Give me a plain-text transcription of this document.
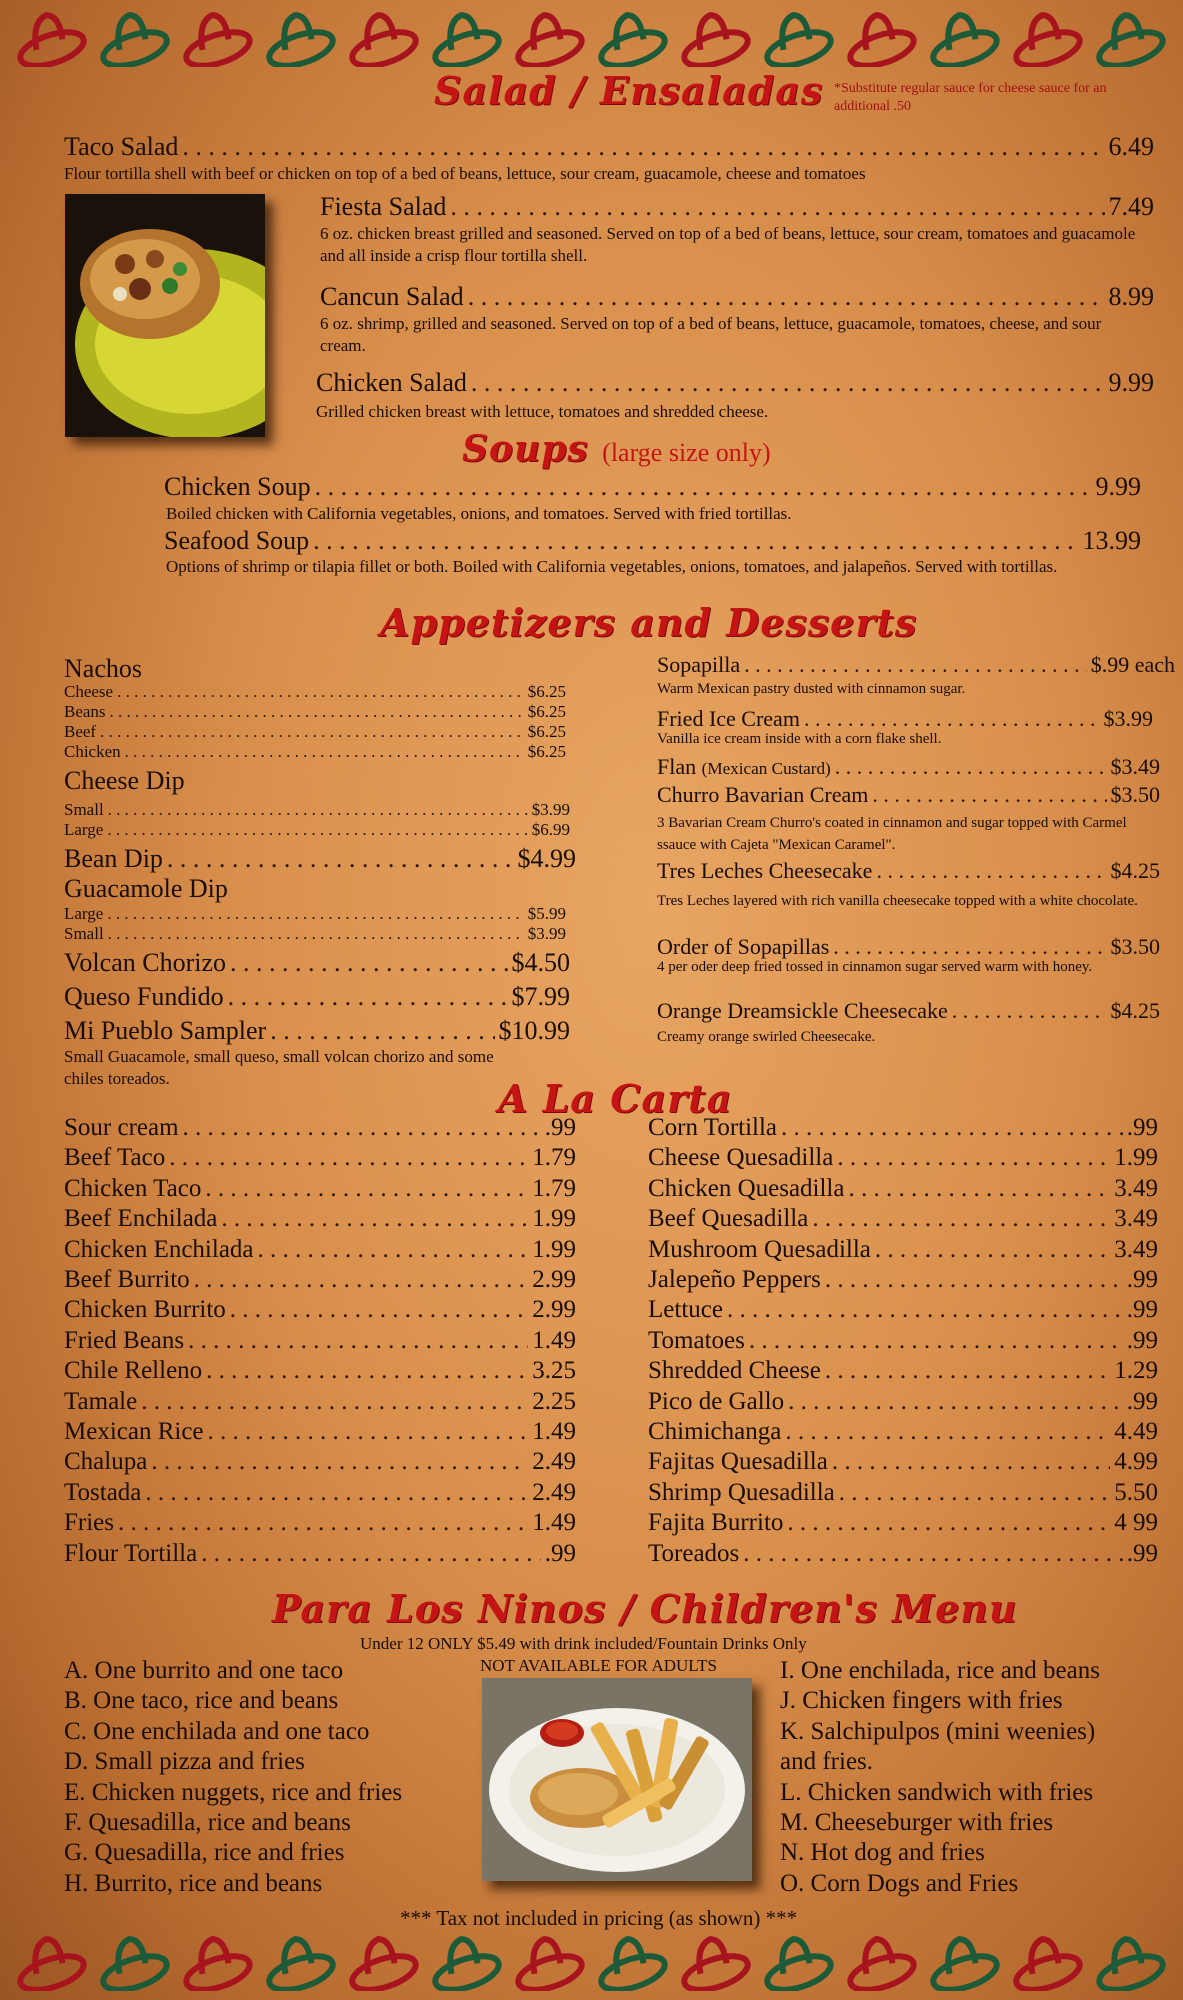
Salad / Ensaladas *Substitute regular sauce for cheese sauce for an additional .50
Taco Salad . . .	6.49
Flour tortilla shell with beef or chicken on top of a bed of beans, lettuce, sour cream, guacamole, cheese and tomatoes
Fiesta Salad . . .	7.49
6 oz. chicken breast grilled and seasoned. Served on top of a bed of beans, lettuce, sour cream, tomatoes and guacamole and all inside a crisp flour tortilla shell.
Cancun Salad . . .	8.99
6 oz. shrimp, grilled and seasoned. Served on top of a bed of beans, lettuce, guacamole, tomatoes, cheese, and sour cream.
Chicken Salad . . .	9.99
Grilled chicken breast with lettuce, tomatoes and shredded cheese.
Soups (large size only)
Chicken Soup . . .	9.99
Boiled chicken with California vegetables, onions, and tomatoes. Served with fried tortillas.
Seafood Soup . . .	13.99
Options of shrimp or tilapia fillet or both. Boiled with California vegetables, onions, tomatoes, and jalapeños. Served with tortillas.
Appetizers and Desserts
Nachos
Cheese . . .	$6.25
Beans . . .	$6.25
Beef . . .	$6.25
Chicken . . .	$6.25
Cheese Dip
Small . . .	$3.99
Large . . .	$6.99
Bean Dip . . .	$4.99
Guacamole Dip
Large . . .	$5.99
Small . . .	$3.99
Volcan Chorizo . . .	$4.50
Queso Fundido . . .	$7.99
Mi Pueblo Sampler . . .	$10.99
Small Guacamole, small queso, small volcan chorizo and some chiles toreados.
Sopapilla . . .	$.99 each
Warm Mexican pastry dusted with cinnamon sugar.
Fried Ice Cream . . .	$3.99
Vanilla ice cream inside with a corn flake shell.
Flan (Mexican Custard) . . .	$3.49
Churro Bavarian Cream . . .	$3.50
3 Bavarian Cream Churro's coated in cinnamon and sugar topped with Carmel ssauce with Cajeta "Mexican Caramel".
Tres Leches Cheesecake . . .	$4.25
Tres Leches layered with rich vanilla cheesecake topped with a white chocolate.
Order of Sopapillas . . .	$3.50
4 per oder deep fried tossed in cinnamon sugar served warm with honey.
Orange Dreamsickle Cheesecake . . .	$4.25
Creamy orange swirled Cheesecake.
A La Carta
Sour cream . . .	.99
Beef Taco . . .	1.79
Chicken Taco . . .	1.79
Beef Enchilada . . .	1.99
Chicken Enchilada . . .	1.99
Beef Burrito . . .	2.99
Chicken Burrito . . .	2.99
Fried Beans . . .	1.49
Chile Relleno . . .	3.25
Tamale . . .	2.25
Mexican Rice . . .	1.49
Chalupa . . .	2.49
Tostada . . .	2.49
Fries . . .	1.49
Flour Tortilla . . .	.99
Corn Tortilla . . .	.99
Cheese Quesadilla . . .	1.99
Chicken Quesadilla . . .	3.49
Beef Quesadilla . . .	3.49
Mushroom Quesadilla . . .	3.49
Jalepeño Peppers . . .	.99
Lettuce . . .	.99
Tomatoes . . .	.99
Shredded Cheese . . .	1.29
Pico de Gallo . . .	.99
Chimichanga . . .	4.49
Fajitas Quesadilla . . .	4.99
Shrimp Quesadilla . . .	5.50
Fajita Burrito . . .	4 99
Toreados . . .	.99
Para Los Ninos / Children's Menu
Under 12 ONLY $5.49 with drink included/Fountain Drinks Only
NOT AVAILABLE FOR ADULTS
A. One burrito and one taco
B. One taco, rice and beans
C. One enchilada and one taco
D. Small pizza and fries
E. Chicken nuggets, rice and fries
F. Quesadilla, rice and beans
G. Quesadilla, rice and fries
H. Burrito, rice and beans
I. One enchilada, rice and beans
J. Chicken fingers with fries
K. Salchipulpos (mini weenies)
and fries.
L. Chicken sandwich with fries
M. Cheeseburger with fries
N. Hot dog and fries
O. Corn Dogs and Fries
*** Tax not included in pricing (as shown) ***
